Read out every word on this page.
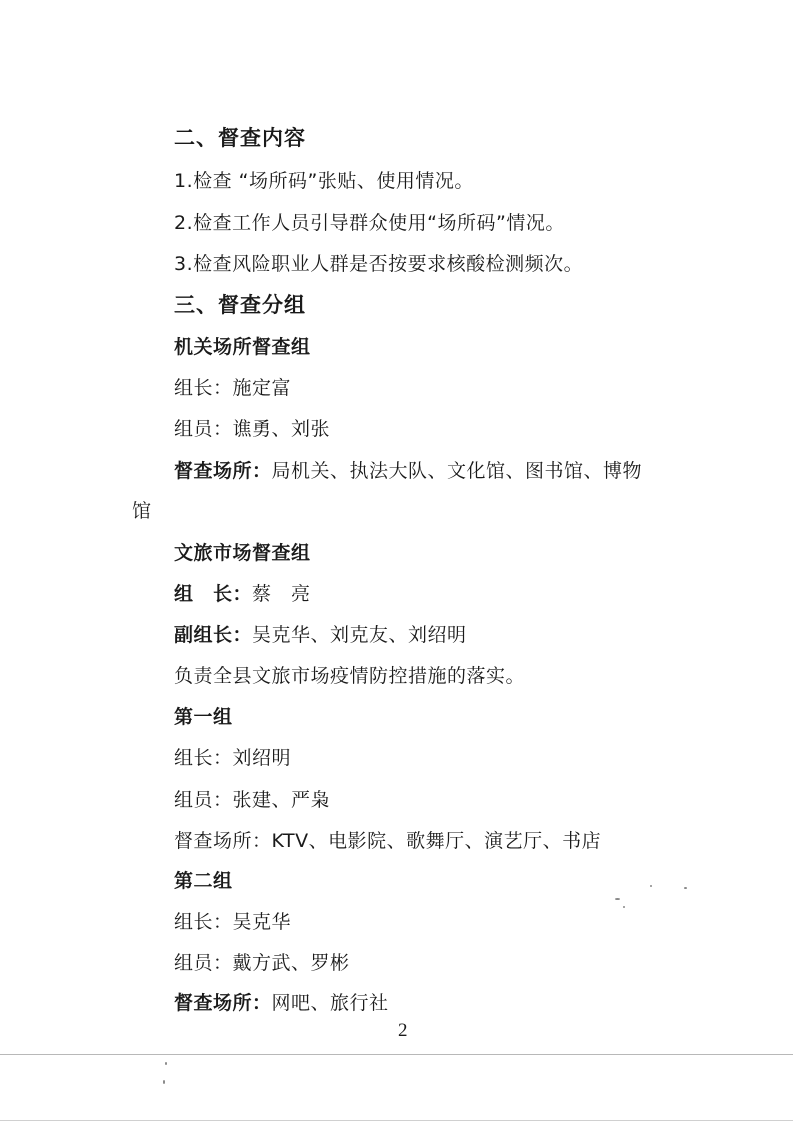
二、督查内容
1.检查 “场所码”张贴、使用情况。
2.检查工作人员引导群众使用“场所码”情况。
3.检查风险职业人群是否按要求核酸检测频次。
三、督查分组
机关场所督查组
组长：施定富
组员：谯勇、刘张
督查场所：局机关、执法大队、文化馆、图书馆、博物
馆
文旅市场督查组
组　长：蔡　亮
副组长：吴克华、刘克友、刘绍明
负责全县文旅市场疫情防控措施的落实。
第一组
组长：刘绍明
组员：张建、严枭
督查场所：KTV、电影院、歌舞厅、演艺厅、书店
第二组
组长：吴克华
组员：戴方武、罗彬
督查场所：网吧、旅行社
2
